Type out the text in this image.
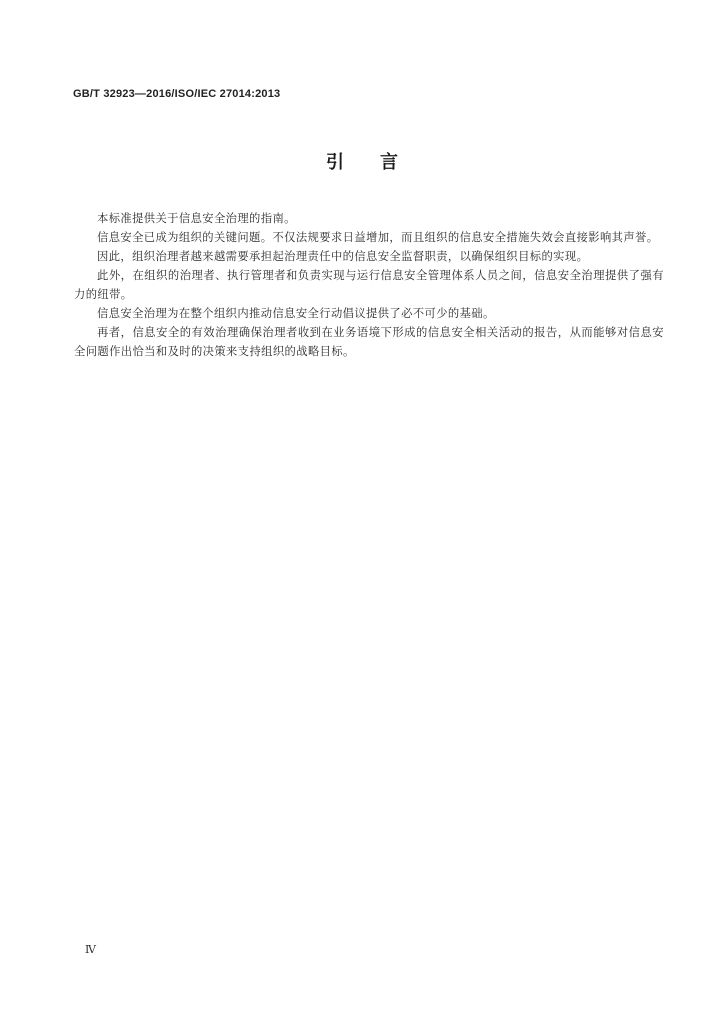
GB/T 32923—2016/ISO/IEC 27014:2013
引言

本标准提供关于信息安全治理的指南。

信息安全已成为组织的关键问题。不仅法规要求日益增加，而且组织的信息安全措施失效会直接影响其声誉。

因此，组织治理者越来越需要承担起治理责任中的信息安全监督职责，以确保组织目标的实现。

此外，在组织的治理者、执行管理者和负责实现与运行信息安全管理体系人员之间，信息安全治理提供了强有力的纽带。

信息安全治理为在整个组织内推动信息安全行动倡议提供了必不可少的基础。

再者，信息安全的有效治理确保治理者收到在业务语境下形成的信息安全相关活动的报告，从而能够对信息安全问题作出恰当和及时的决策来支持组织的战略目标。

Ⅳ
